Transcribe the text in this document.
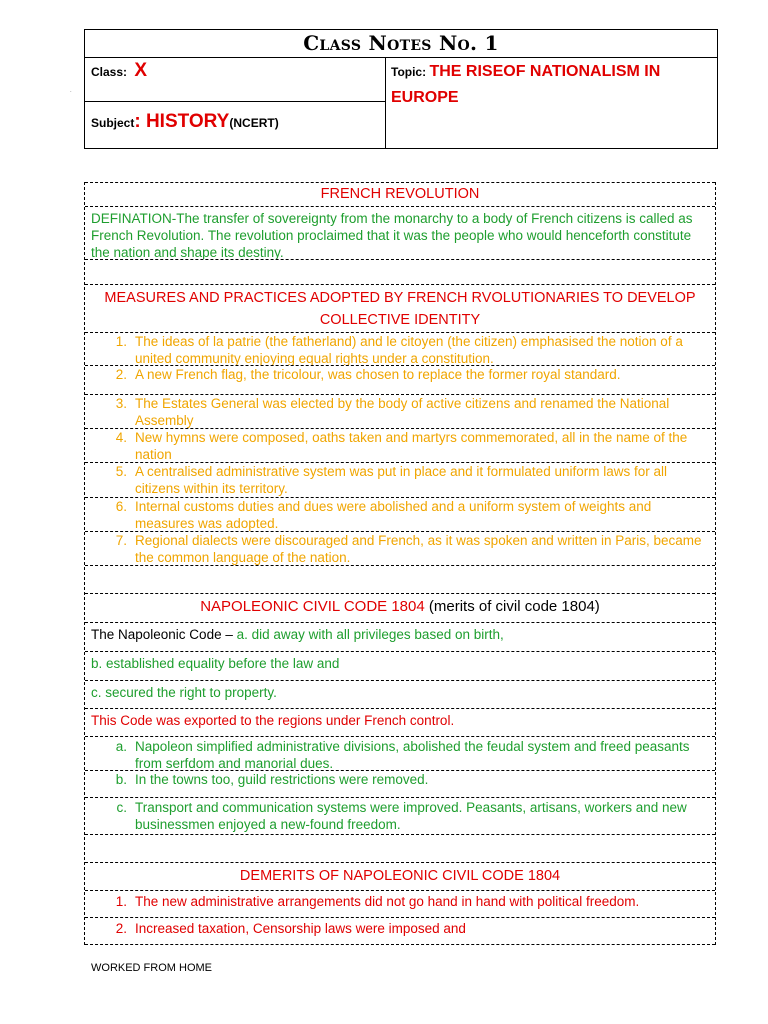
Class Notes No. 1
Class: X
Subject: HISTORY(NCERT)
Topic: THE RISEOF NATIONALISM IN
EUROPE
.
FRENCH REVOLUTION
DEFINATION-The transfer of sovereignty from the monarchy to a body of French citizens is called as French Revolution. The revolution proclaimed that it was the people who would henceforth constitute the nation and shape its destiny.
MEASURES AND PRACTICES ADOPTED BY FRENCH RVOLUTIONARIES TO DEVELOP COLLECTIVE IDENTITY
1. The ideas of la patrie (the fatherland) and le citoyen (the citizen) emphasised the notion of a united community enjoying equal rights under a constitution.
2. A new French flag, the tricolour, was chosen to replace the former royal standard.
3. The Estates General was elected by the body of active citizens and renamed the National Assembly
4. New hymns were composed, oaths taken and martyrs commemorated, all in the name of the nation
5. A centralised administrative system was put in place and it formulated uniform laws for all citizens within its territory.
6. Internal customs duties and dues were abolished and a uniform system of weights and measures was adopted.
7. Regional dialects were discouraged and French, as it was spoken and written in Paris, became the common language of the nation.
NAPOLEONIC CIVIL CODE 1804 (merits of civil code 1804)
The Napoleonic Code – a. did away with all privileges based on birth,
b. established equality before the law and
c. secured the right to property.
This Code was exported to the regions under French control.
a. Napoleon simplified administrative divisions, abolished the feudal system and freed peasants from serfdom and manorial dues.
b. In the towns too, guild restrictions were removed.
c. Transport and communication systems were improved. Peasants, artisans, workers and new businessmen enjoyed a new-found freedom.
DEMERITS OF NAPOLEONIC CIVIL CODE 1804
1. The new administrative arrangements did not go hand in hand with political freedom.
2. Increased taxation, Censorship laws were imposed and
WORKED FROM HOME
